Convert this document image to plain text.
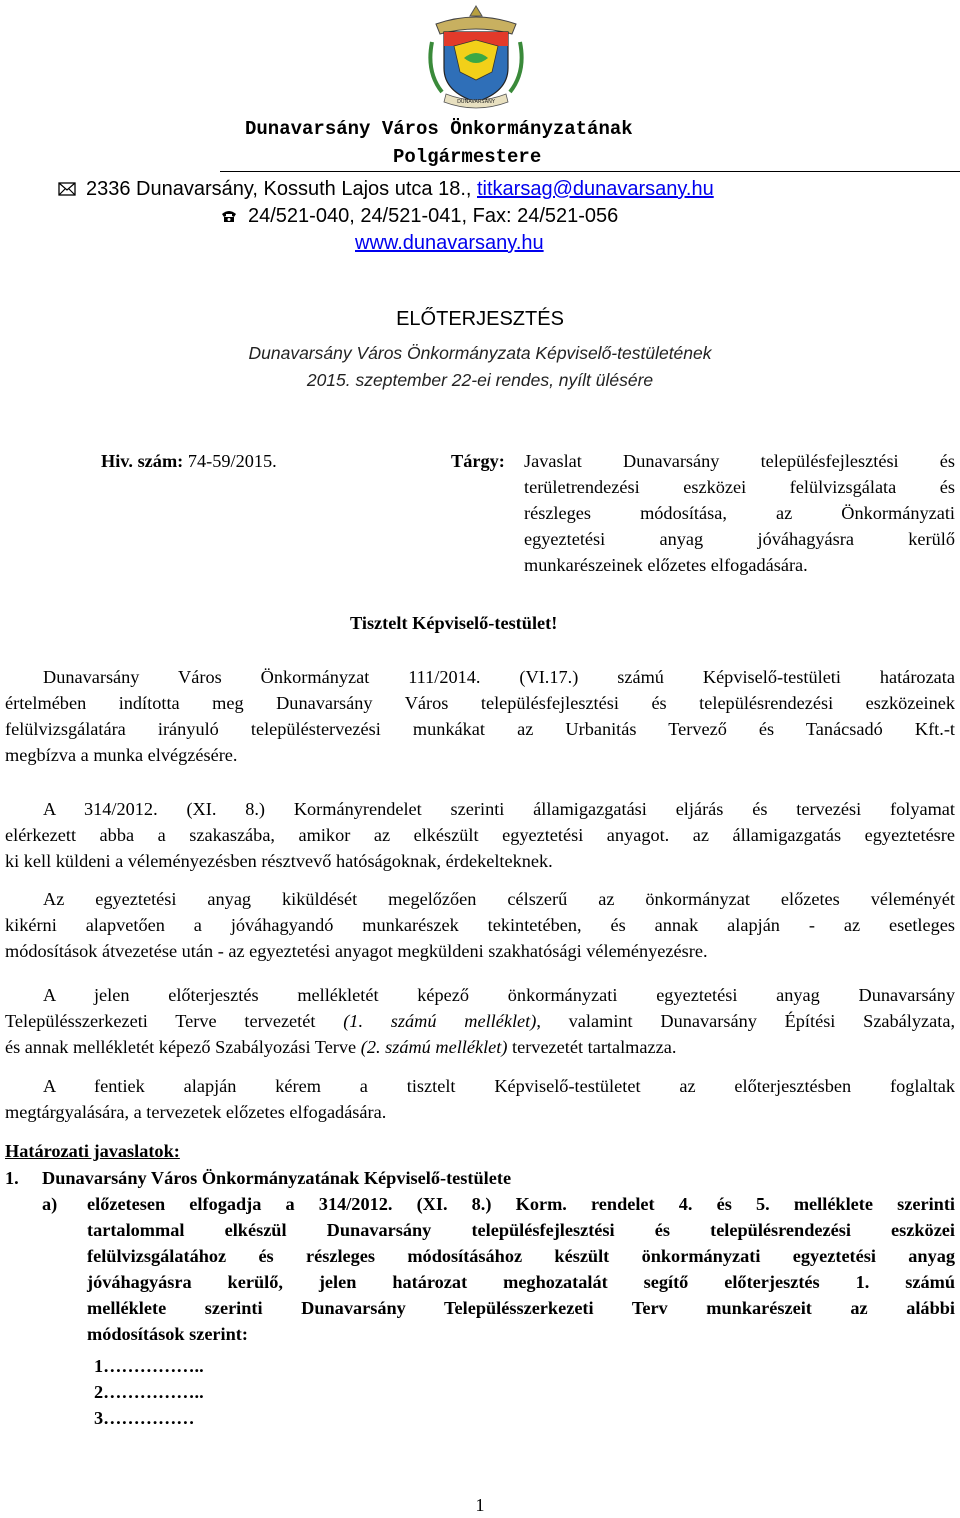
DUNAVARSÁNY
Dunavarsány Város Önkormányzatának
Polgármestere
2336 Dunavarsány, Kossuth Lajos utca 18., titkarsag@dunavarsany.hu
24/521-040, 24/521-041, Fax: 24/521-056
www.dunavarsany.hu
ELŐTERJESZTÉS
Dunavarsány Város Önkormányzata Képviselő-testületének
2015. szeptember 22-ei rendes, nyílt ülésére
Hiv. szám: 74-59/2015.	Tárgy: Javaslat Dunavarsány településfejlesztési és
területrendezési eszközei felülvizsgálata és
részleges módosítása, az Önkormányzati
egyeztetési anyag jóváhagyásra kerülő
munkarészeinek előzetes elfogadására.
Tisztelt Képviselő-testület!
Dunavarsány Város Önkormányzat 111/2014. (VI.17.) számú Képviselő-testületi határozata
értelmében indította meg Dunavarsány Város településfejlesztési és településrendezési eszközeinek
felülvizsgálatára irányuló településtervezési munkákat az Urbanitás Tervező és Tanácsadó Kft.-t
megbízva a munka elvégzésére.
A 314/2012. (XI. 8.) Kormányrendelet szerinti államigazgatási eljárás és tervezési folyamat
elérkezett abba a szakaszába, amikor az elkészült egyeztetési anyagot. az államigazgatás egyeztetésre
ki kell küldeni a véleményezésben résztvevő hatóságoknak, érdekelteknek.
Az egyeztetési anyag kiküldését megelőzően célszerű az önkormányzat előzetes véleményét
kikérni alapvetően a jóváhagyandó munkarészek tekintetében, és annak alapján - az esetleges
módosítások átvezetése után - az egyeztetési anyagot megküldeni szakhatósági véleményezésre.
A jelen előterjesztés mellékletét képező önkormányzati egyeztetési anyag Dunavarsány
Településszerkezeti Terve tervezetét (1. számú melléklet), valamint Dunavarsány Építési Szabályzata,
és annak mellékletét képező Szabályozási Terve (2. számú melléklet) tervezetét tartalmazza.
A fentiek alapján kérem a tisztelt Képviselő-testületet az előterjesztésben foglaltak
megtárgyalására, a tervezetek előzetes elfogadására.
Határozati javaslatok:
1. Dunavarsány Város Önkormányzatának Képviselő-testülete
a) előzetesen elfogadja a 314/2012. (XI. 8.) Korm. rendelet 4. és 5. melléklete szerinti
tartalommal elkészül Dunavarsány településfejlesztési és településrendezési eszközei
felülvizsgálatához és részleges módosításához készült önkormányzati egyeztetési anyag
jóváhagyásra kerülő, jelen határozat meghozatalát segítő előterjesztés 1. számú
melléklete szerinti Dunavarsány Településszerkezeti Terv munkarészeit az alábbi
módosítások szerint:
1……………..
2……………..
3……………
1
